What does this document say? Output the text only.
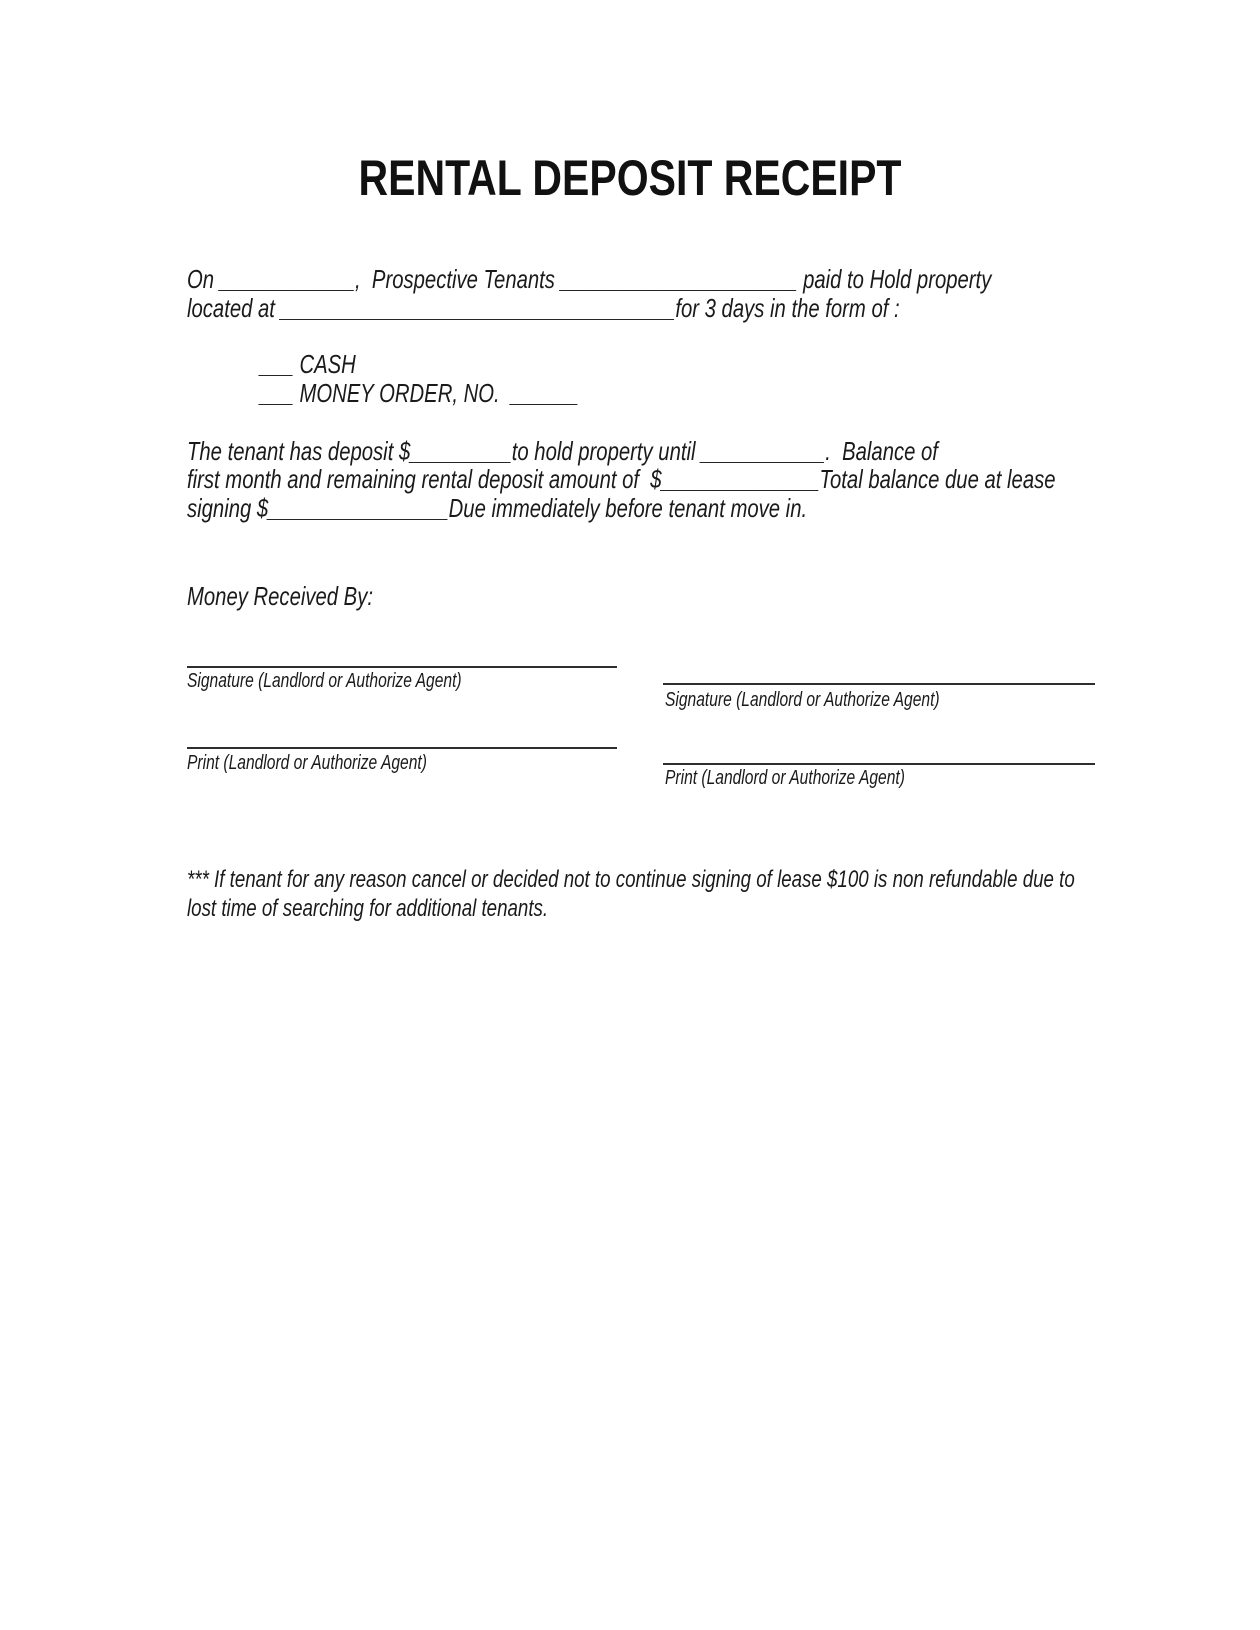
RENTAL DEPOSIT RECEIPT
On ____________,  Prospective Tenants _____________________ paid to Hold property
located at ___________________________________for 3 days in the form of :
___ CASH
___ MONEY ORDER, NO.  ______
The tenant has deposit $_________to hold property until ___________.  Balance of
first month and remaining rental deposit amount of  $______________Total balance due at lease
signing $________________Due immediately before tenant move in.
Money Received By:
Signature (Landlord or Authorize Agent)
Print (Landlord or Authorize Agent)
Signature (Landlord or Authorize Agent)
Print (Landlord or Authorize Agent)
*** If tenant for any reason cancel or decided not to continue signing of lease $100 is non refundable due to
lost time of searching for additional tenants.
